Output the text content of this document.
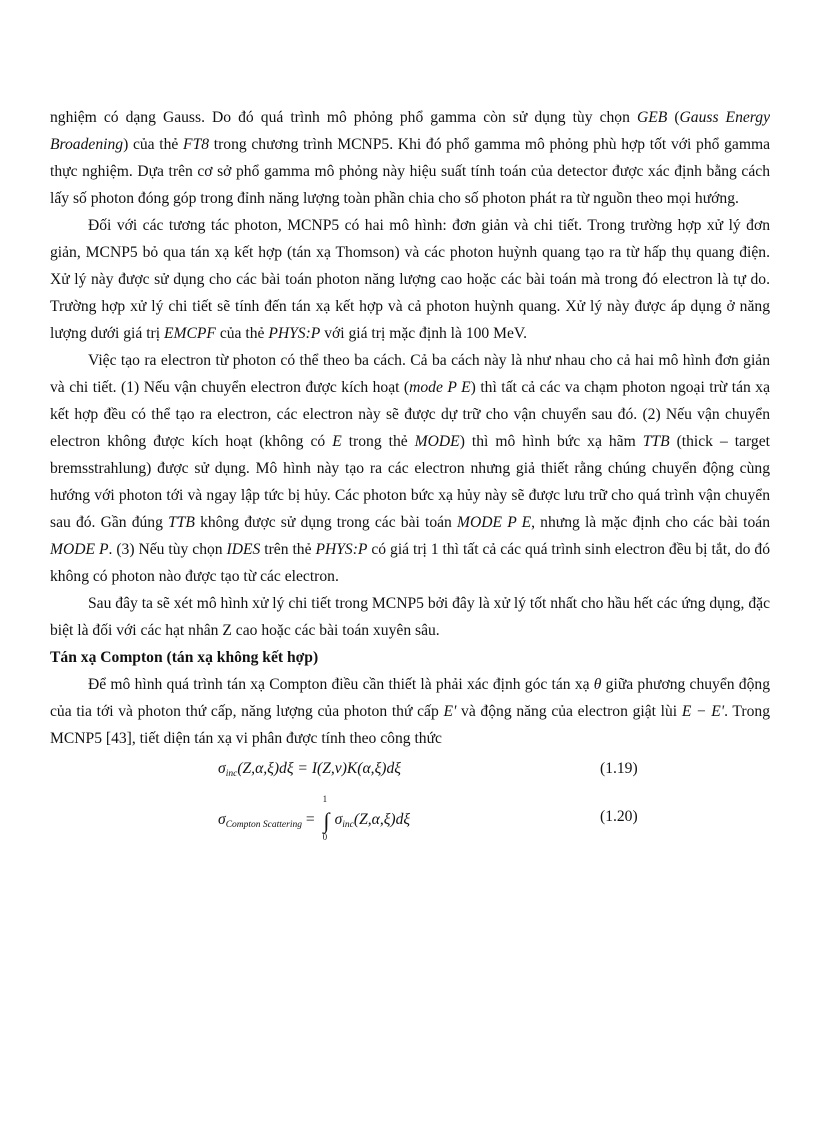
nghiệm có dạng Gauss. Do đó quá trình mô phỏng phổ gamma còn sử dụng tùy chọn GEB (Gauss Energy Broadening) của thẻ FT8 trong chương trình MCNP5. Khi đó phổ gamma mô phỏng phù hợp tốt với phổ gamma thực nghiệm. Dựa trên cơ sở phổ gamma mô phỏng này hiệu suất tính toán của detector được xác định bằng cách lấy số photon đóng góp trong đỉnh năng lượng toàn phần chia cho số photon phát ra từ nguồn theo mọi hướng.

Đối với các tương tác photon, MCNP5 có hai mô hình: đơn giản và chi tiết. Trong trường hợp xử lý đơn giản, MCNP5 bỏ qua tán xạ kết hợp (tán xạ Thomson) và các photon huỳnh quang tạo ra từ hấp thụ quang điện. Xử lý này được sử dụng cho các bài toán photon năng lượng cao hoặc các bài toán mà trong đó electron là tự do. Trường hợp xử lý chi tiết sẽ tính đến tán xạ kết hợp và cả photon huỳnh quang. Xử lý này được áp dụng ở năng lượng dưới giá trị EMCPF của thẻ PHYS:P với giá trị mặc định là 100 MeV.

Việc tạo ra electron từ photon có thể theo ba cách. Cả ba cách này là như nhau cho cả hai mô hình đơn giản và chi tiết. (1) Nếu vận chuyển electron được kích hoạt (mode P E) thì tất cả các va chạm photon ngoại trừ tán xạ kết hợp đều có thể tạo ra electron, các electron này sẽ được dự trữ cho vận chuyển sau đó. (2) Nếu vận chuyển electron không được kích hoạt (không có E trong thẻ MODE) thì mô hình bức xạ hãm TTB (thick – target bremsstrahlung) được sử dụng. Mô hình này tạo ra các electron nhưng giả thiết rằng chúng chuyển động cùng hướng với photon tới và ngay lập tức bị hủy. Các photon bức xạ hủy này sẽ được lưu trữ cho quá trình vận chuyển sau đó. Gần đúng TTB không được sử dụng trong các bài toán MODE P E, nhưng là mặc định cho các bài toán MODE P. (3) Nếu tùy chọn IDES trên thẻ PHYS:P có giá trị 1 thì tất cả các quá trình sinh electron đều bị tắt, do đó không có photon nào được tạo từ các electron.

Sau đây ta sẽ xét mô hình xử lý chi tiết trong MCNP5 bởi đây là xử lý tốt nhất cho hầu hết các ứng dụng, đặc biệt là đối với các hạt nhân Z cao hoặc các bài toán xuyên sâu.

Tán xạ Compton (tán xạ không kết hợp)

Để mô hình quá trình tán xạ Compton điều cần thiết là phải xác định góc tán xạ θ giữa phương chuyển động của tia tới và photon thứ cấp, năng lượng của photon thứ cấp E' và động năng của electron giật lùi E − E'. Trong MCNP5 [43], tiết diện tán xạ vi phân được tính theo công thức

$\sigma_{inc}(Z,\alpha,\xi)d\xi = I(Z,v)K(\alpha,\xi)d\xi$	(1.19)
$\sigma_{Compton Scattering}$ =
1
∫
0
$\sigma_{inc}(Z,\alpha,\xi)d\xi$	(1.20)
